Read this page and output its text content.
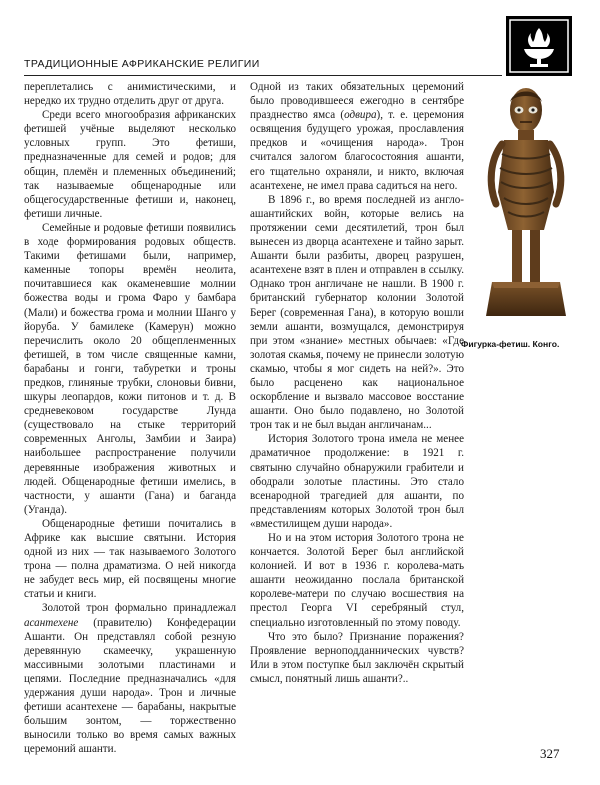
ТРАДИЦИОННЫЕ АФРИКАНСКИЕ РЕЛИГИИ

переплетались с анимистическими, и нередко их трудно отделить друг от друга.

Среди всего многообразия африканских фетишей учёные выделяют несколько условных групп. Это фетиши, предназначенные для семей и родов; для общин, племён и племенных объединений; так называемые общенародные или общегосударственные фетиши и, наконец, фетиши личные.

Семейные и родовые фетиши появились в ходе формирования родовых обществ. Такими фетишами были, например, каменные топоры времён неолита, почитавшиеся как окаменевшие молнии божества воды и грома Фаро у бамбара (Мали) и божества грома и молнии Шанго у йоруба. У бамилеке (Камерун) можно перечислить около 20 общепленменных фетишей, в том числе священные камни, барабаны и гонги, табуретки и троны предков, глиняные трубки, слоновьи бивни, шкуры леопардов, кожи питонов и т. д. В средневековом государстве Лунда (существовало на стыке территорий современных Анголы, Замбии и Заира) наибольшее распространение получили деревянные изображения животных и людей. Общенародные фетиши имелись, в частности, у ашанти (Гана) и баганда (Уганда).

Общенародные фетиши почитались в Африке как высшие святыни. История одной из них — так называемого Золотого трона — полна драматизма. О ней никогда не забудет весь мир, ей посвящены многие статьи и книги.

Золотой трон формально принадлежал асантехене (правителю) Конфедерации Ашанти. Он представлял собой резную деревянную скамеечку, украшенную массивными золотыми пластинами и цепями. Последние предназначались «для удержания души народа». Трон и личные фетиши асантехене — барабаны, накрытые большим зонтом, — торжественно выносили только во время самых важных церемоний ашанти.

Одной из таких обязательных церемоний было проводившееся ежегодно в сентябре празднество ямса (одвира), т. е. церемония освящения будущего урожая, прославления предков и «очищения народа». Трон считался залогом благосостояния ашанти, его тщательно охраняли, и никто, включая асантехене, не имел права садиться на него.

В 1896 г., во время последней из англо-ашантийских войн, которые велись на протяжении семи десятилетий, трон был вынесен из дворца асантехене и тайно зарыт. Ашанти были разбиты, дворец разрушен, асантехене взят в плен и отправлен в ссылку. Однако трон англичане не нашли. В 1900 г. британский губернатор колонии Золотой Берег (современная Гана), в которую вошли земли ашанти, возмущался, демонстрируя при этом «знание» местных обычаев: «Где золотая скамья, почему не принесли золотую скамью, чтобы я мог сидеть на ней?». Это было расценено как национальное оскорбление и вызвало массовое восстание ашанти. Оно было подавлено, но Золотой трон так и не был выдан англичанам...

История Золотого трона имела не менее драматичное продолжение: в 1921 г. святыню случайно обнаружили грабители и ободрали золотые пластины. Это стало всенародной трагедией для ашанти, по представлениям которых Золотой трон был «вместилищем души народа».

Но и на этом история Золотого трона не кончается. Золотой Берег был английской колонией. И вот в 1936 г. королева-мать ашанти неожиданно послала британской королеве-матери по случаю восшествия на престол Георга VI серебряный стул, специально изготовленный по этому поводу.

Что это было? Признание поражения? Проявление верноподданнических чувств? Или в этом поступке был заключён скрытый смысл, понятный лишь ашанти?..

Фигурка-фетиш. Конго.
327
